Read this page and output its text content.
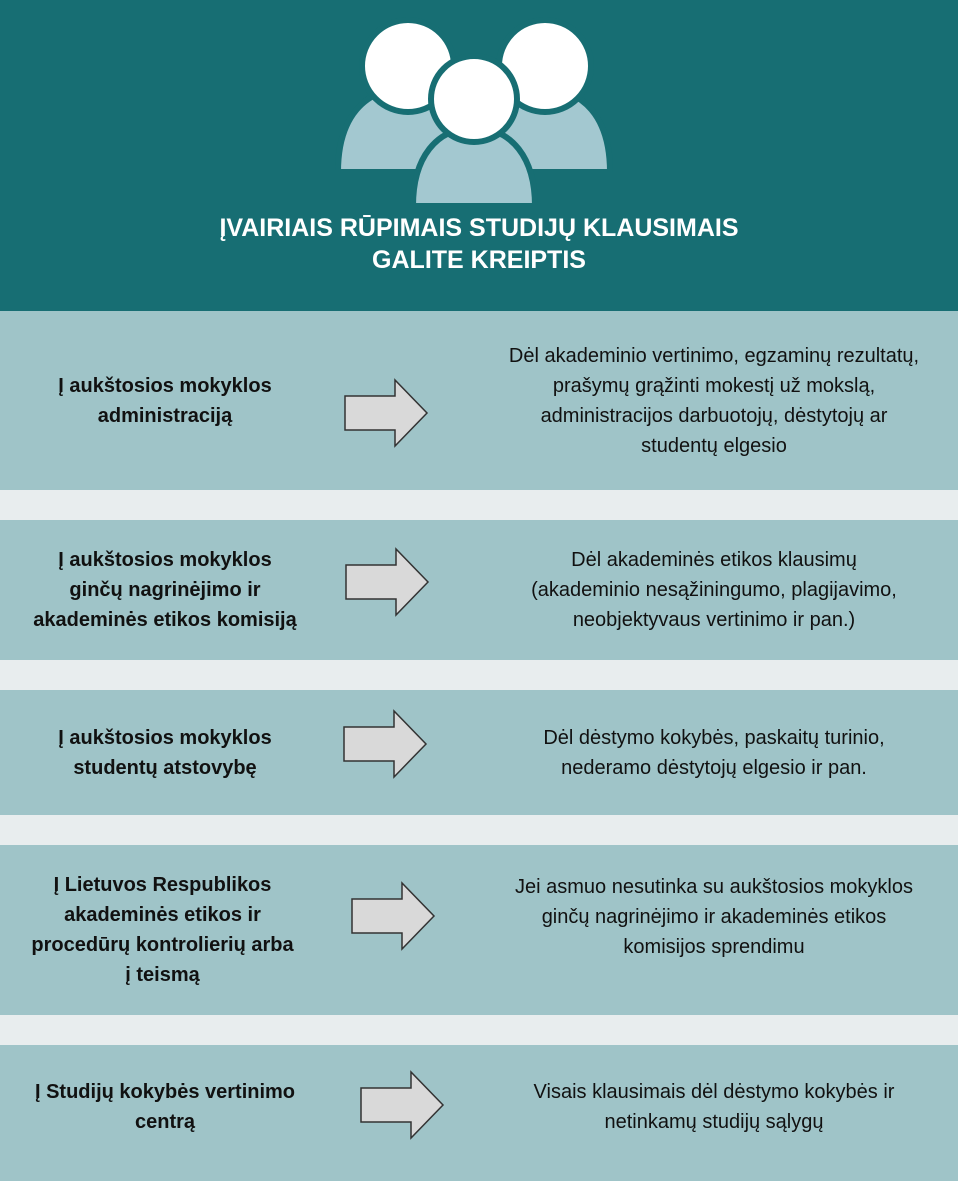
ĮVAIRIAIS RŪPIMAIS STUDIJŲ KLAUSIMAIS
GALITE KREIPTIS
Į aukštosios mokyklos
administraciją
Dėl akademinio vertinimo, egzaminų rezultatų,
prašymų grąžinti mokestį už mokslą,
administracijos darbuotojų, dėstytojų ar
studentų elgesio
Į aukštosios mokyklos
ginčų nagrinėjimo ir
akademinės etikos komisiją
Dėl akademinės etikos klausimų
(akademinio nesąžiningumo, plagijavimo,
neobjektyvaus vertinimo ir pan.)
Į aukštosios mokyklos
studentų atstovybę
Dėl dėstymo kokybės, paskaitų turinio,
nederamo dėstytojų elgesio ir pan.
Į Lietuvos Respublikos
akademinės etikos ir
procedūrų kontrolierių arba
į teismą
Jei asmuo nesutinka su aukštosios mokyklos
ginčų nagrinėjimo ir akademinės etikos
komisijos sprendimu
Į Studijų kokybės vertinimo
centrą
Visais klausimais dėl dėstymo kokybės ir
netinkamų studijų sąlygų
